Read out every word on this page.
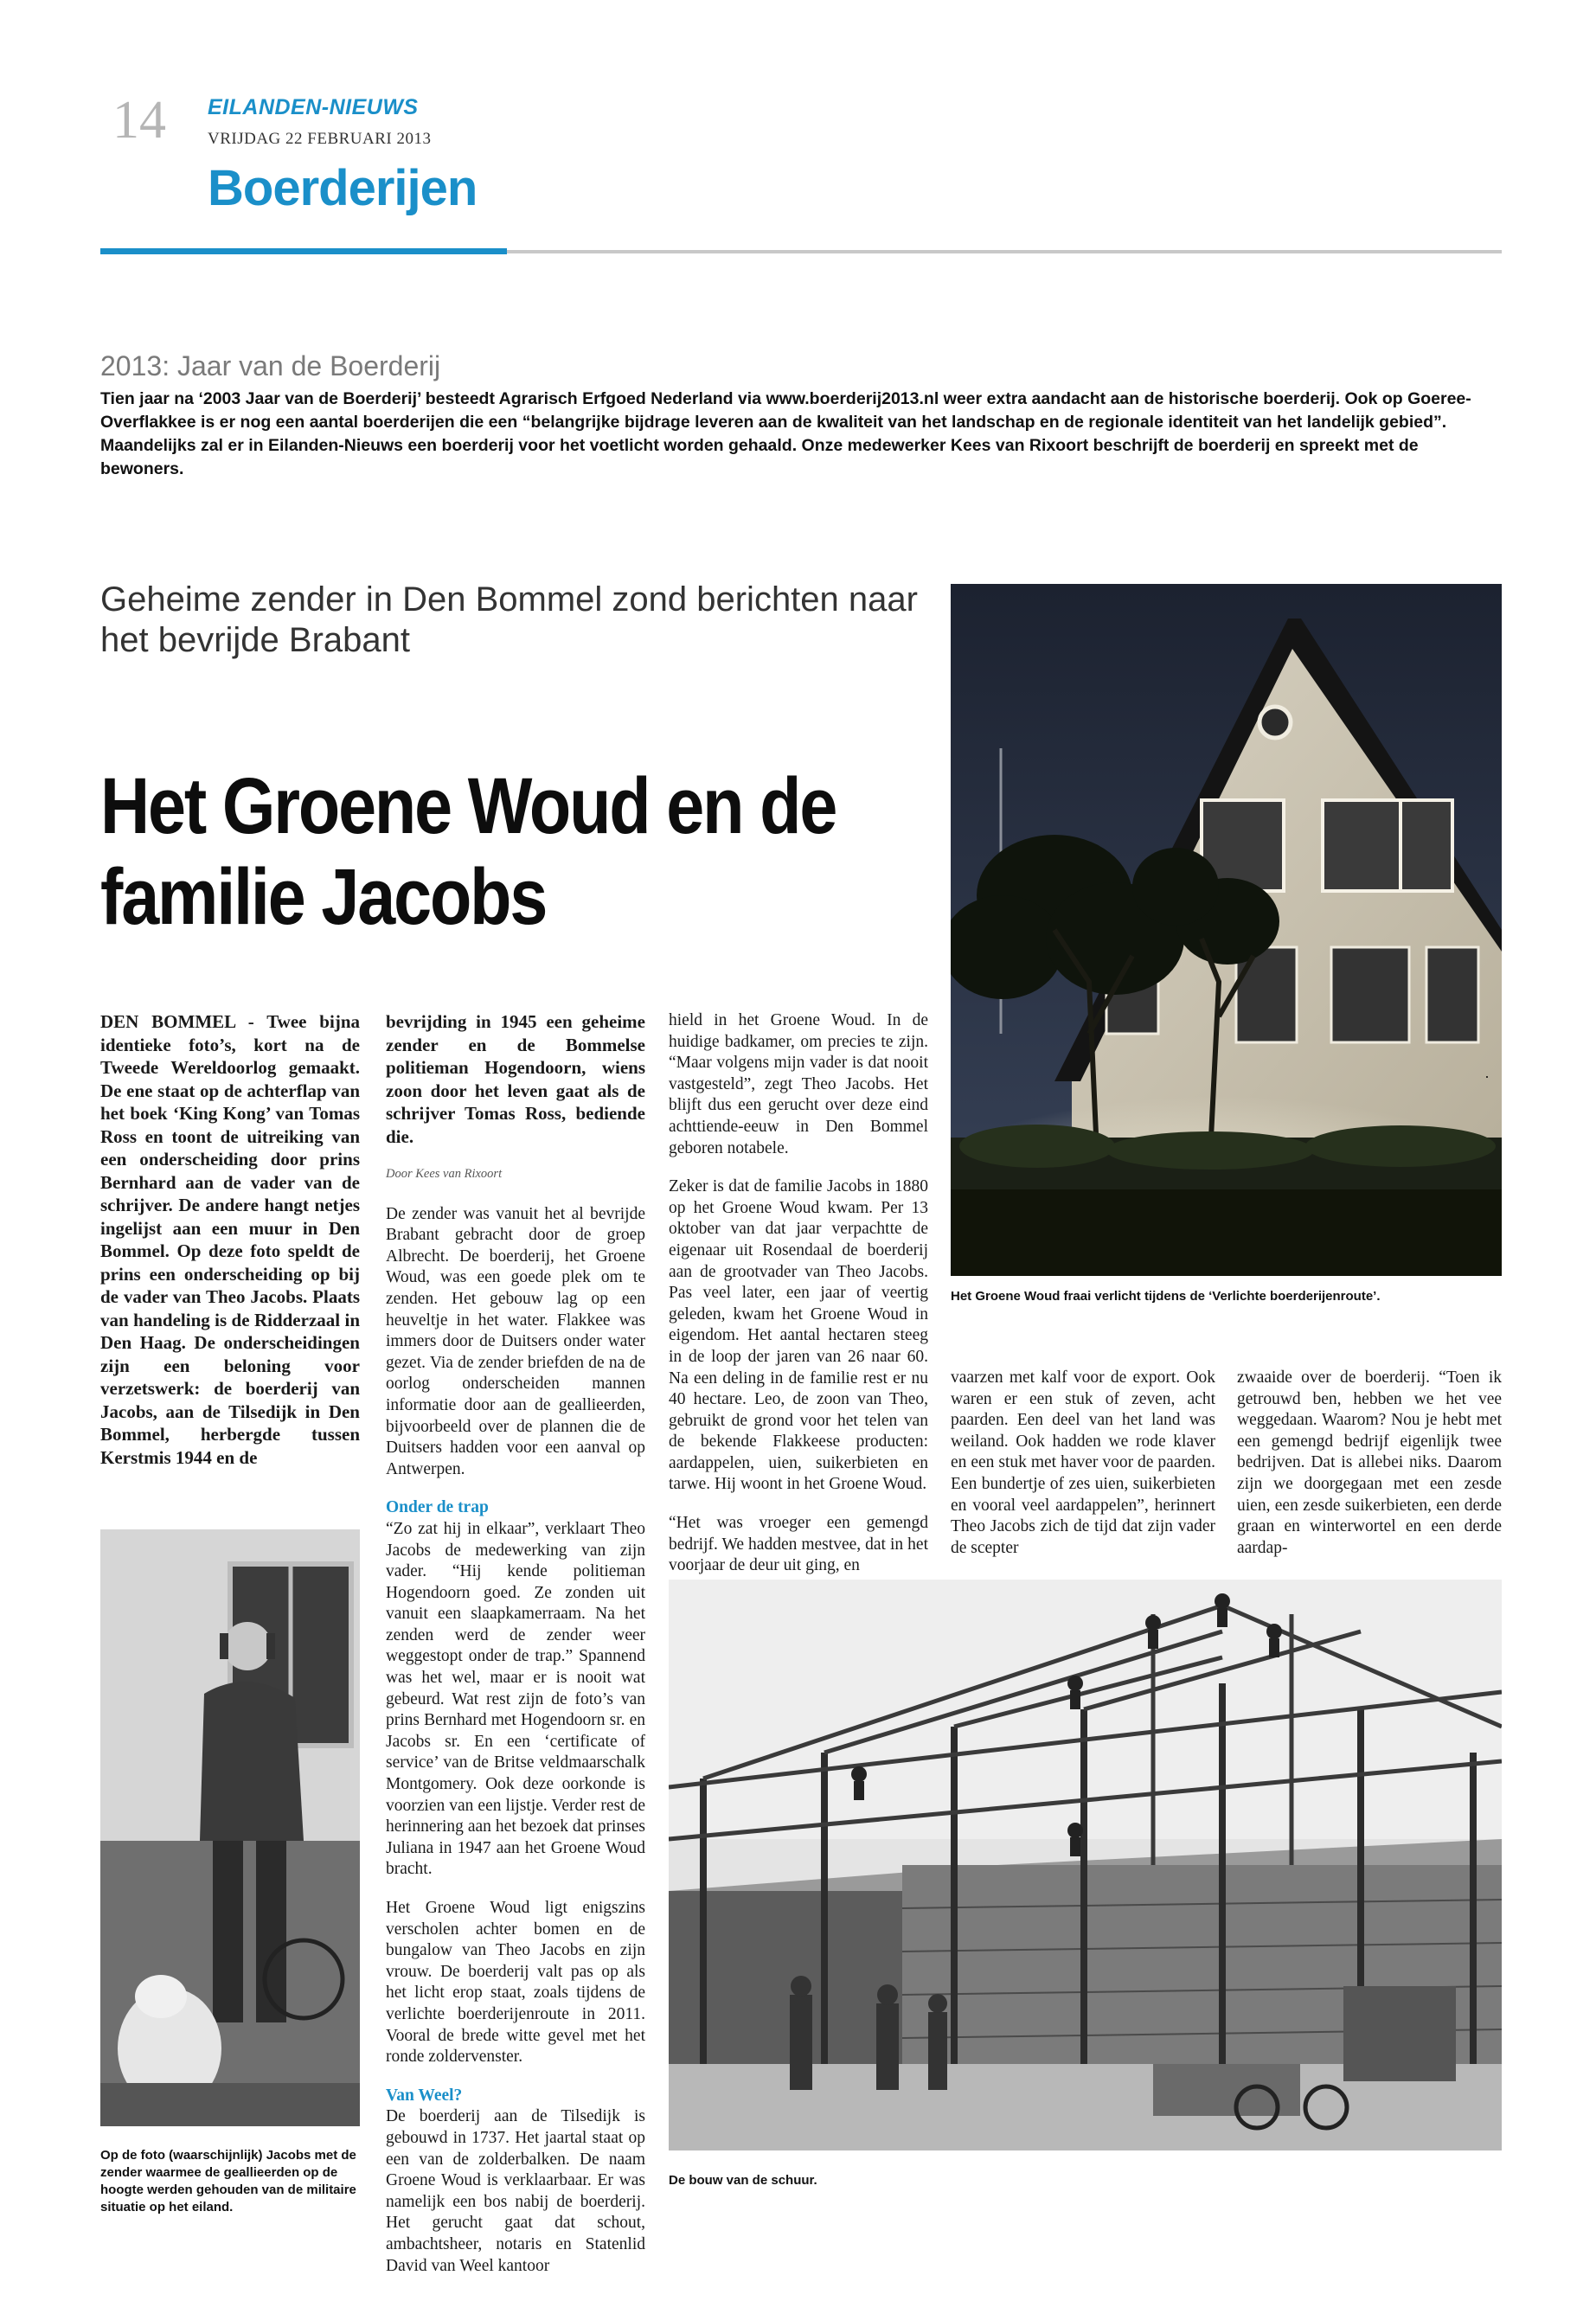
14 EILANDEN-NIEUWS
VRIJDAG 22 FEBRUARI 2013
Boerderijen
2013: Jaar van de Boerderij
Tien jaar na ‘2003 Jaar van de Boerderij’ besteedt Agrarisch Erfgoed Nederland via www.boerderij2013.nl weer extra aandacht aan de historische boerderij. Ook op Goeree-Overflakkee is er nog een aantal boerderijen die een “belangrijke bijdrage leveren aan de kwaliteit van het landschap en de regionale identiteit van het landelijk gebied”. Maandelijks zal er in Eilanden-Nieuws een boerderij voor het voetlicht worden gehaald. Onze medewerker Kees van Rixoort beschrijft de boerderij en spreekt met de bewoners.
Geheime zender in Den Bommel zond berichten naar het bevrijde Brabant
Het Groene Woud en de
familie Jacobs
Het Groene Woud fraai verlicht tijdens de ‘Verlichte boerderijenroute’.
DEN BOMMEL - Twee bijna identieke foto’s, kort na de Tweede Wereldoorlog gemaakt. De ene staat op de achterflap van het boek ‘King Kong’ van Tomas Ross en toont de uitreiking van een onderscheiding door prins Bernhard aan de vader van de schrijver. De andere hangt netjes ingelijst aan een muur in Den Bommel. Op deze foto speldt de prins een onderscheiding op bij de vader van Theo Jacobs. Plaats van handeling is de Ridderzaal in Den Haag. De onderscheidingen zijn een beloning voor verzetswerk: de boerderij van Jacobs, aan de Tilsedijk in Den Bommel, herbergde tussen Kerstmis 1944 en de
Op de foto (waarschijnlijk) Jacobs met de zender waarmee de geallieerden op de hoogte werden gehouden van de militaire situatie op het eiland.
bevrijding in 1945 een geheime zender en de Bommelse politieman Hogendoorn, wiens zoon door het leven gaat als de schrijver Tomas Ross, bediende die.
Door Kees van Rixoort

De zender was vanuit het al bevrijde Brabant gebracht door de groep Albrecht. De boerderij, het Groene Woud, was een goede plek om te zenden. Het gebouw lag op een heuveltje in het water. Flakkee was immers door de Duitsers onder water gezet. Via de zender briefden de na de oorlog onderscheiden mannen informatie door aan de geallieerden, bijvoorbeeld over de plannen die de Duitsers hadden voor een aanval op Antwerpen.

Onder de trap

“Zo zat hij in elkaar”, verklaart Theo Jacobs de medewerking van zijn vader. “Hij kende politieman Hogendoorn goed. Ze zonden uit vanuit een slaapkamerraam. Na het zenden werd de zender weer weggestopt onder de trap.” Spannend was het wel, maar er is nooit wat gebeurd. Wat rest zijn de foto’s van prins Bernhard met Hogendoorn sr. en Jacobs sr. En een ‘certificate of service’ van de Britse veldmaarschalk Montgomery. Ook deze oorkonde is voorzien van een lijstje. Verder rest de herinnering aan het bezoek dat prinses Juliana in 1947 aan het Groene Woud bracht.

Het Groene Woud ligt enigszins verscholen achter bomen en de bungalow van Theo Jacobs en zijn vrouw. De boerderij valt pas op als het licht erop staat, zoals tijdens de verlichte boerderijenroute in 2011. Vooral de brede witte gevel met het ronde zoldervenster.

Van Weel?

De boerderij aan de Tilsedijk is gebouwd in 1737. Het jaartal staat op een van de zolderbalken. De naam Groene Woud is verklaarbaar. Er was namelijk een bos nabij de boerderij. Het gerucht gaat dat schout, ambachtsheer, notaris en Statenlid David van Weel kantoor

hield in het Groene Woud. In de huidige badkamer, om precies te zijn. “Maar volgens mijn vader is dat nooit vastgesteld”, zegt Theo Jacobs. Het blijft dus een gerucht over deze eind achttiende-eeuw in Den Bommel geboren notabele.

Zeker is dat de familie Jacobs in 1880 op het Groene Woud kwam. Per 13 oktober van dat jaar verpachtte de eigenaar uit Rosendaal de boerderij aan de grootvader van Theo Jacobs. Pas veel later, een jaar of veertig geleden, kwam het Groene Woud in eigendom. Het aantal hectaren steeg in de loop der jaren van 26 naar 60. Na een deling in de familie rest er nu 40 hectare. Leo, de zoon van Theo, gebruikt de grond voor het telen van de bekende Flakkeese producten: aardappelen, uien, suikerbieten en tarwe. Hij woont in het Groene Woud.

“Het was vroeger een gemengd bedrijf. We hadden mestvee, dat in het voorjaar de deur uit ging, en

vaarzen met kalf voor de export. Ook waren er een stuk of zeven, acht paarden. Een deel van het land was weiland. Ook hadden we rode klaver en een stuk met haver voor de paarden. Een bundertje of zes uien, suikerbieten en vooral veel aardappelen”, herinnert Theo Jacobs zich de tijd dat zijn vader de scepter

zwaaide over de boerderij. “Toen ik getrouwd ben, hebben we het vee weggedaan. Waarom? Nou je hebt met een gemengd bedrijf eigenlijk twee bedrijven. Dat is allebei niks. Daarom zijn we doorgegaan met een zesde uien, een zesde suikerbieten, een derde graan en winterwortel en een derde aardap-

De bouw van de schuur.
